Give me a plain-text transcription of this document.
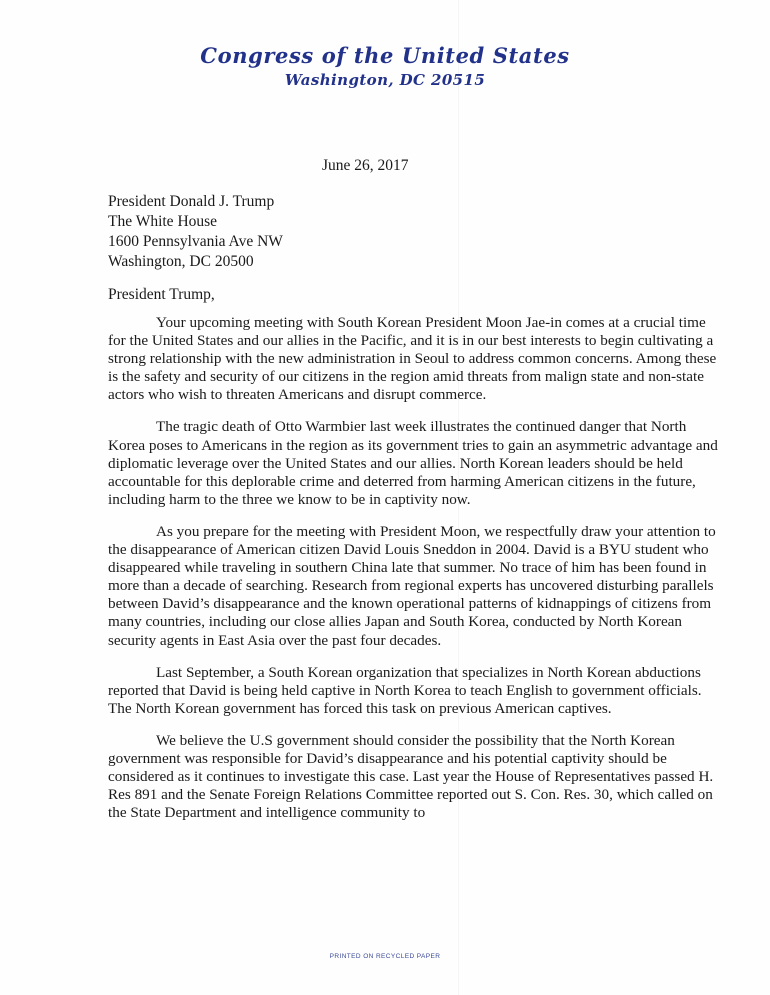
Congress of the United States
Washington, DC 20515
June 26, 2017
President Donald J. Trump
The White House
1600 Pennsylvania Ave NW
Washington, DC 20500
President Trump,

Your upcoming meeting with South Korean President Moon Jae-in comes at a crucial time for the United States and our allies in the Pacific, and it is in our best interests to begin cultivating a strong relationship with the new administration in Seoul to address common concerns. Among these is the safety and security of our citizens in the region amid threats from malign state and non-state actors who wish to threaten Americans and disrupt commerce.

The tragic death of Otto Warmbier last week illustrates the continued danger that North Korea poses to Americans in the region as its government tries to gain an asymmetric advantage and diplomatic leverage over the United States and our allies. North Korean leaders should be held accountable for this deplorable crime and deterred from harming American citizens in the future, including harm to the three we know to be in captivity now.

As you prepare for the meeting with President Moon, we respectfully draw your attention to the disappearance of American citizen David Louis Sneddon in 2004. David is a BYU student who disappeared while traveling in southern China late that summer. No trace of him has been found in more than a decade of searching. Research from regional experts has uncovered disturbing parallels between David’s disappearance and the known operational patterns of kidnappings of citizens from many countries, including our close allies Japan and South Korea, conducted by North Korean security agents in East Asia over the past four decades.

Last September, a South Korean organization that specializes in North Korean abductions reported that David is being held captive in North Korea to teach English to government officials. The North Korean government has forced this task on previous American captives.

We believe the U.S government should consider the possibility that the North Korean government was responsible for David’s disappearance and his potential captivity should be considered as it continues to investigate this case. Last year the House of Representatives passed H. Res 891 and the Senate Foreign Relations Committee reported out S. Con. Res. 30, which called on the State Department and intelligence community to

PRINTED ON RECYCLED PAPER
